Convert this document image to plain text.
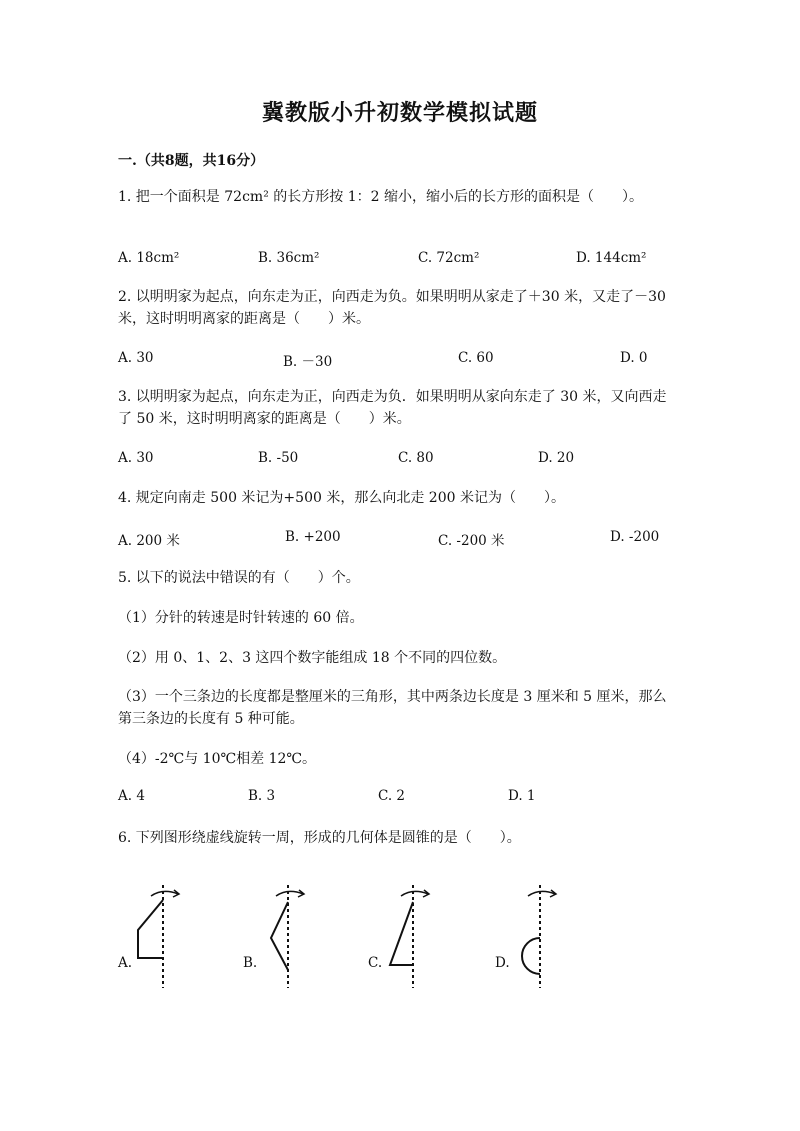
冀教版小升初数学模拟试题
一.（共8题，共16分）
1. 把一个面积是 72cm² 的长方形按 1：2 缩小，缩小后的长方形的面积是（　　）。
A. 18cm²	B. 36cm²	C. 72cm²	D. 144cm²
2. 以明明家为起点，向东走为正，向西走为负。如果明明从家走了＋30 米，又走了－30 米，这时明明离家的距离是（　　）米。
A. 30	B. －30	C. 60	D. 0
3. 以明明家为起点，向东走为正，向西走为负．如果明明从家向东走了 30 米，又向西走了 50 米，这时明明离家的距离是（　　）米。
A. 30	B. -50	C. 80	D. 20
4. 规定向南走 500 米记为+500 米，那么向北走 200 米记为（　　）。
A. 200 米	B. +200	C. -200 米	D. -200
5. 以下的说法中错误的有（　　）个。
（1）分针的转速是时针转速的 60 倍。
（2）用 0、1、2、3 这四个数字能组成 18 个不同的四位数。
（3）一个三条边的长度都是整厘米的三角形，其中两条边长度是 3 厘米和 5 厘米，那么第三条边的长度有 5 种可能。
（4）-2℃与 10℃相差 12℃。
A. 4	B. 3	C. 2	D. 1
6. 下列图形绕虚线旋转一周，形成的几何体是圆锥的是（　　）。
A.	B.	C.	D.
